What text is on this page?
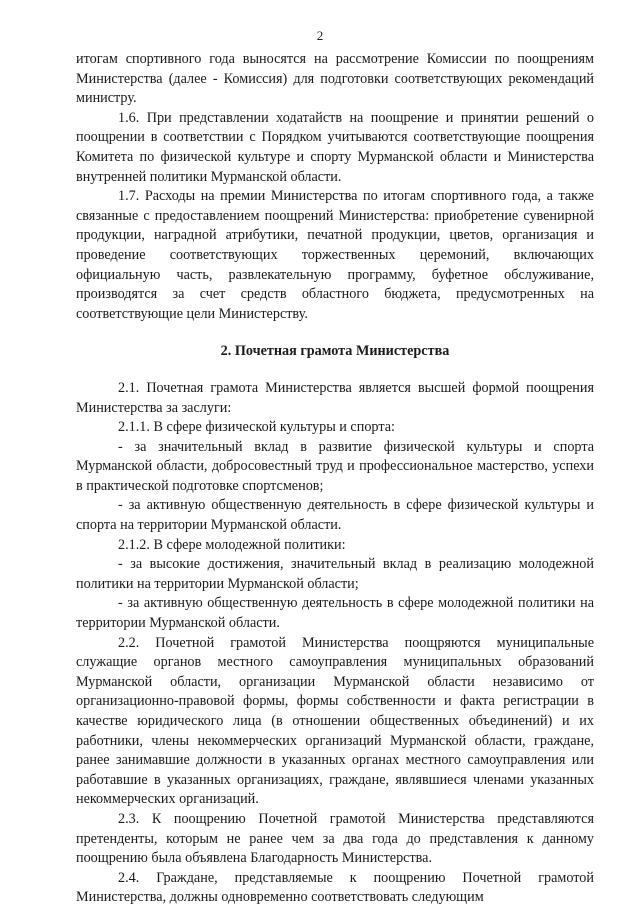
2

итогам спортивного года выносятся на рассмотрение Комиссии по поощрениям Министерства (далее - Комиссия) для подготовки соответствующих рекомендаций министру.

1.6. При представлении ходатайств на поощрение и принятии решений о поощрении в соответствии с Порядком учитываются соответствующие поощрения Комитета по физической культуре и спорту Мурманской области и Министерства внутренней политики Мурманской области.

1.7. Расходы на премии Министерства по итогам спортивного года, а также связанные с предоставлением поощрений Министерства: приобретение сувенирной продукции, наградной атрибутики, печатной продукции, цветов, организация и проведение соответствующих торжественных церемоний, включающих официальную часть, развлекательную программу, буфетное обслуживание, производятся за счет средств областного бюджета, предусмотренных на соответствующие цели Министерству.

2. Почетная грамота Министерства

2.1. Почетная грамота Министерства является высшей формой поощрения Министерства за заслуги:

2.1.1. В сфере физической культуры и спорта:

- за значительный вклад в развитие физической культуры и спорта Мурманской области, добросовестный труд и профессиональное мастерство, успехи в практической подготовке спортсменов;

- за активную общественную деятельность в сфере физической культуры и спорта на территории Мурманской области.

2.1.2. В сфере молодежной политики:

- за высокие достижения, значительный вклад в реализацию молодежной политики на территории Мурманской области;

- за активную общественную деятельность в сфере молодежной политики на территории Мурманской области.

2.2. Почетной грамотой Министерства поощряются муниципальные служащие органов местного самоуправления муниципальных образований Мурманской области, организации Мурманской области независимо от организационно-правовой формы, формы собственности и факта регистрации в качестве юридического лица (в отношении общественных объединений) и их работники, члены некоммерческих организаций Мурманской области, граждане, ранее занимавшие должности в указанных органах местного самоуправления или работавшие в указанных организациях, граждане, являвшиеся членами указанных некоммерческих организаций.

2.3. К поощрению Почетной грамотой Министерства представляются претенденты, которым не ранее чем за два года до представления к данному поощрению была объявлена Благодарность Министерства.

2.4. Граждане, представляемые к поощрению Почетной грамотой Министерства, должны одновременно соответствовать следующим
